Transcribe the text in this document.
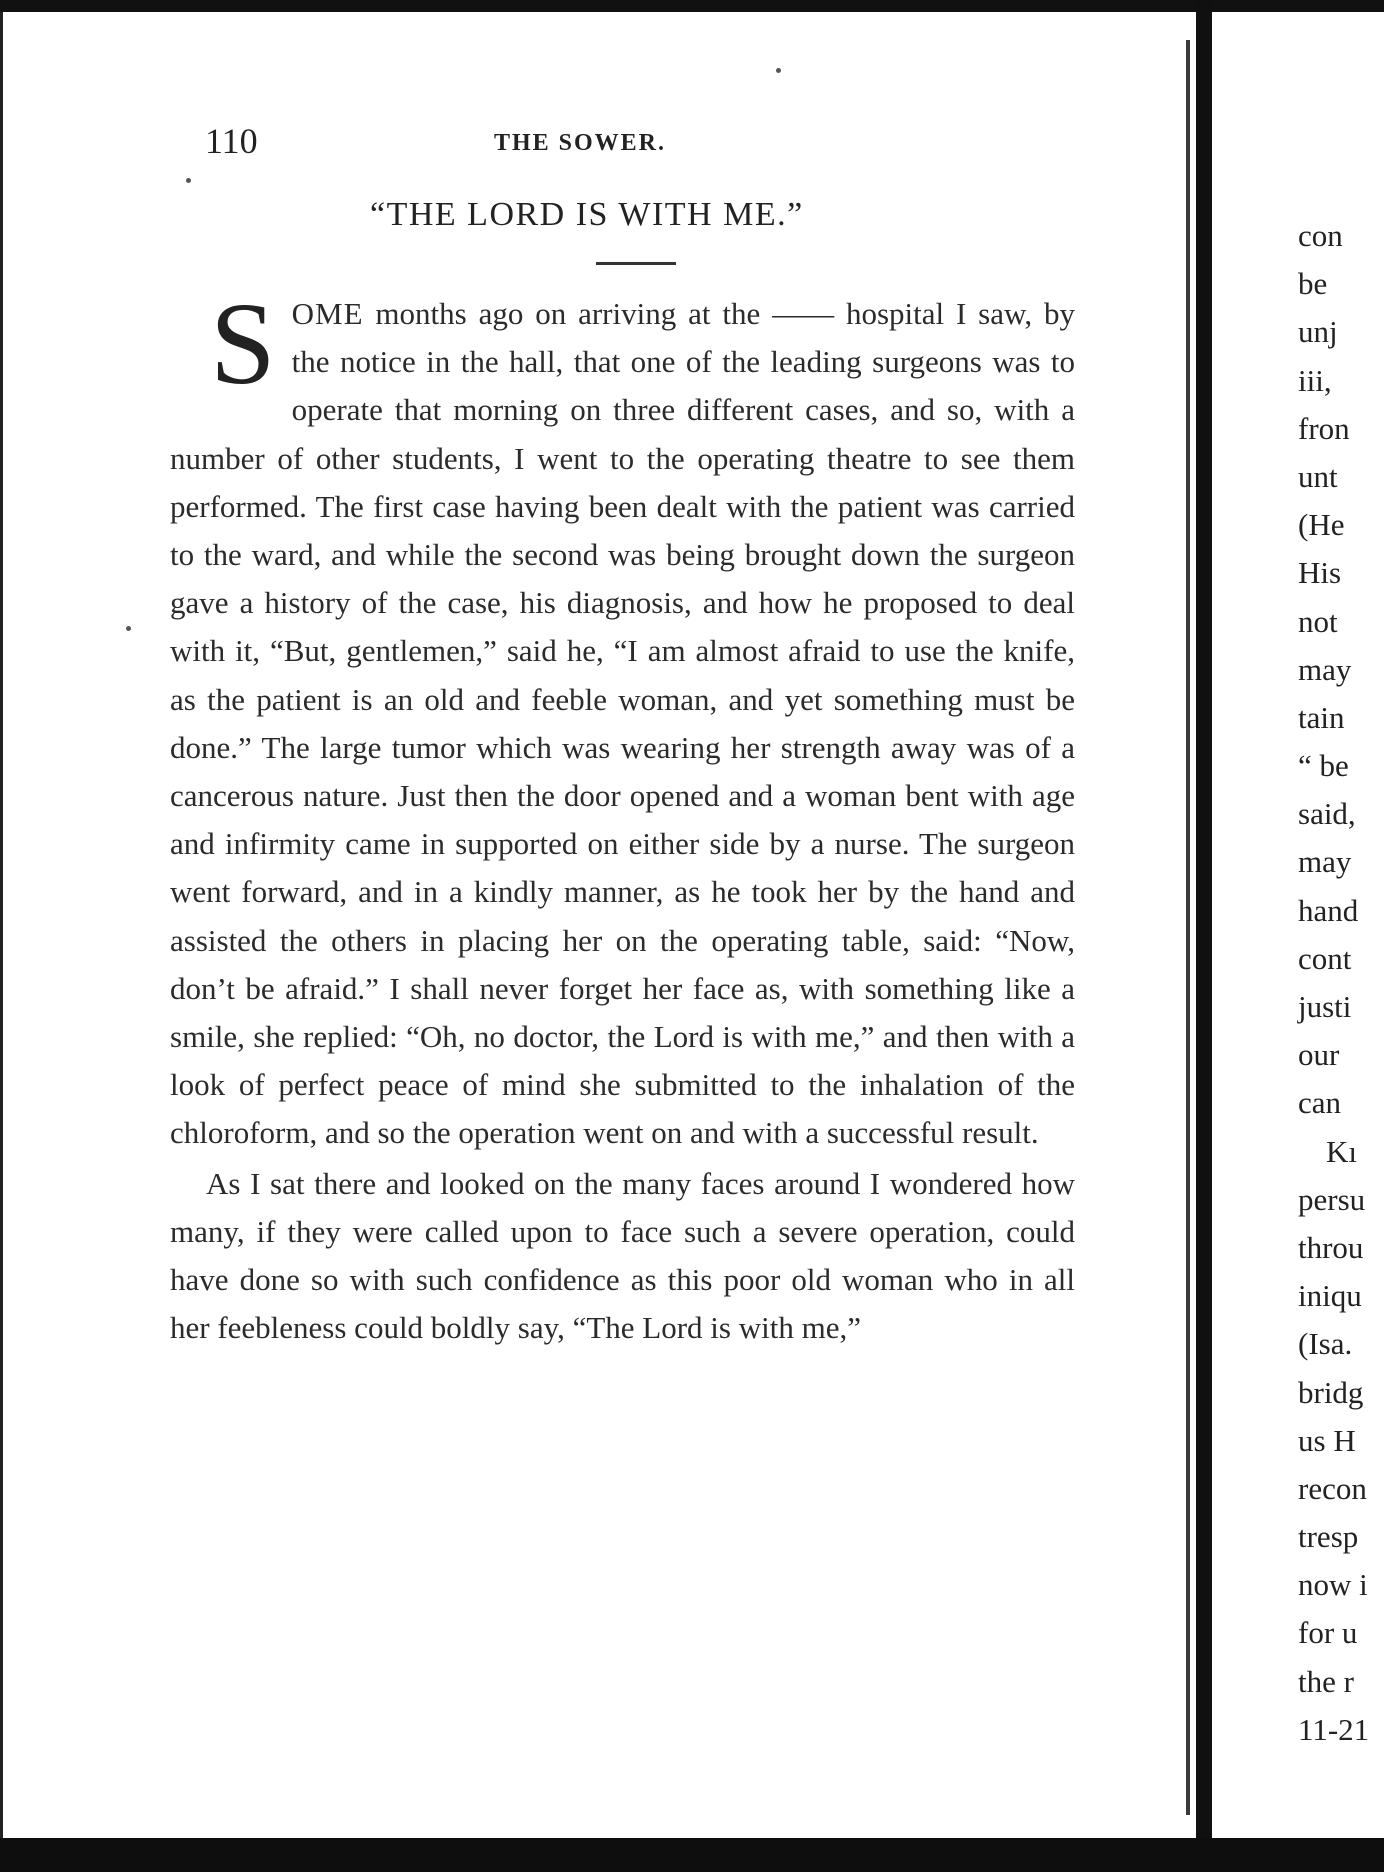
110	THE SOWER.
“THE LORD IS WITH ME.”

SOME months ago on arriving at the —— hospital I saw, by the notice in the hall, that one of the leading surgeons was to operate that morning on three different cases, and so, with a number of other students, I went to the operating theatre to see them performed. The first case having been dealt with the patient was carried to the ward, and while the second was being brought down the surgeon gave a history of the case, his diagnosis, and how he proposed to deal with it, “But, gentlemen,” said he, “I am almost afraid to use the knife, as the patient is an old and feeble woman, and yet something must be done.” The large tumor which was wearing her strength away was of a cancerous nature. Just then the door opened and a woman bent with age and infirmity came in supported on either side by a nurse. The surgeon went forward, and in a kindly manner, as he took her by the hand and assisted the others in placing her on the operating table, said: “Now, don’t be afraid.” I shall never forget her face as, with something like a smile, she replied: “Oh, no doctor, the Lord is with me,” and then with a look of perfect peace of mind she submitted to the inhalation of the chloroform, and so the operation went on and with a successful result.

As I sat there and looked on the many faces around I wondered how many, if they were called upon to face such a severe operation, could have done so with such confidence as this poor old woman who in all her feebleness could boldly say, “The Lord is with me,”

con
be
unj
iii,
fron
unt
(He
His
not
may
tain
“ be
said,
may
hand
cont
justi
our
can
Kı
persu
throu
iniqu
(Isa.
bridg
us H
recon
tresp
now i
for u
the r
11-21
